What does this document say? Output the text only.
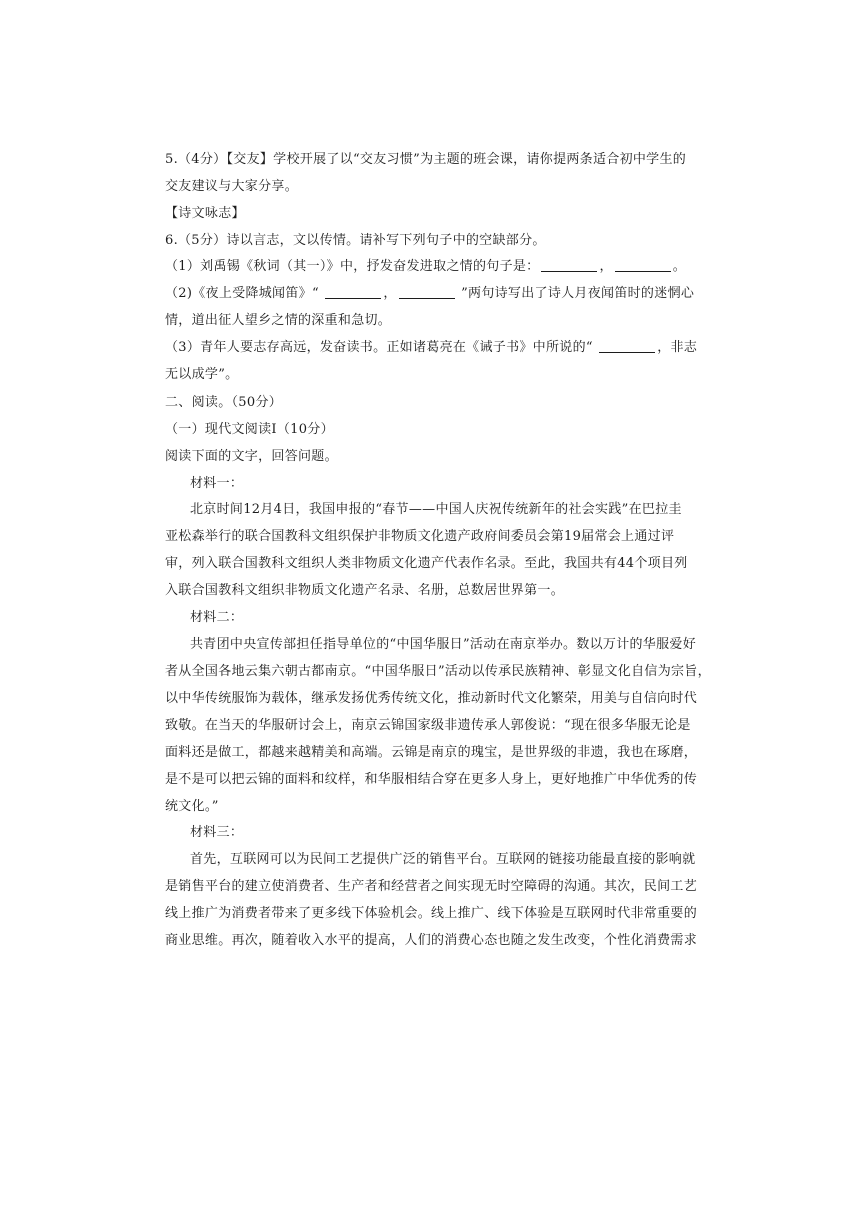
5.（4分）【交友】学校开展了以“交友习惯”为主题的班会课，请你提两条适合初中学生的
交友建议与大家分享。
【诗文咏志】
6.（5分）诗以言志，文以传情。请补写下列句子中的空缺部分。
（1）刘禹锡《秋词（其一）》中，抒发奋发进取之情的句子是：	，	。
（2)《夜上受降城闻笛》“	，	”两句诗写出了诗人月夜闻笛时的迷惘心
情，道出征人望乡之情的深重和急切。
（3）青年人要志存高远，发奋读书。正如诸葛亮在《诫子书》中所说的“	，非志
无以成学”。
二、阅读。（50分）
（一）现代文阅读Ⅰ（10分）
阅读下面的文字，回答问题。
材料一：
北京时间12月4日，我国申报的“春节——中国人庆祝传统新年的社会实践”在巴拉圭
亚松森举行的联合国教科文组织保护非物质文化遗产政府间委员会第19届常会上通过评
审，列入联合国教科文组织人类非物质文化遗产代表作名录。至此，我国共有44个项目列
入联合国教科文组织非物质文化遗产名录、名册，总数居世界第一。
材料二：
共青团中央宣传部担任指导单位的“中国华服日”活动在南京举办。数以万计的华服爱好
者从全国各地云集六朝古都南京。“中国华服日”活动以传承民族精神、彰显文化自信为宗旨，
以中华传统服饰为载体，继承发扬优秀传统文化，推动新时代文化繁荣，用美与自信向时代
致敬。在当天的华服研讨会上，南京云锦国家级非遗传承人郭俊说：“现在很多华服无论是
面料还是做工，都越来越精美和高端。云锦是南京的瑰宝，是世界级的非遗，我也在琢磨，
是不是可以把云锦的面料和纹样，和华服相结合穿在更多人身上，更好地推广中华优秀的传
统文化。”
材料三：
首先，互联网可以为民间工艺提供广泛的销售平台。互联网的链接功能最直接的影响就
是销售平台的建立使消费者、生产者和经营者之间实现无时空障碍的沟通。其次，民间工艺
线上推广为消费者带来了更多线下体验机会。线上推广、线下体验是互联网时代非常重要的
商业思维。再次，随着收入水平的提高，人们的消费心态也随之发生改变，个性化消费需求
